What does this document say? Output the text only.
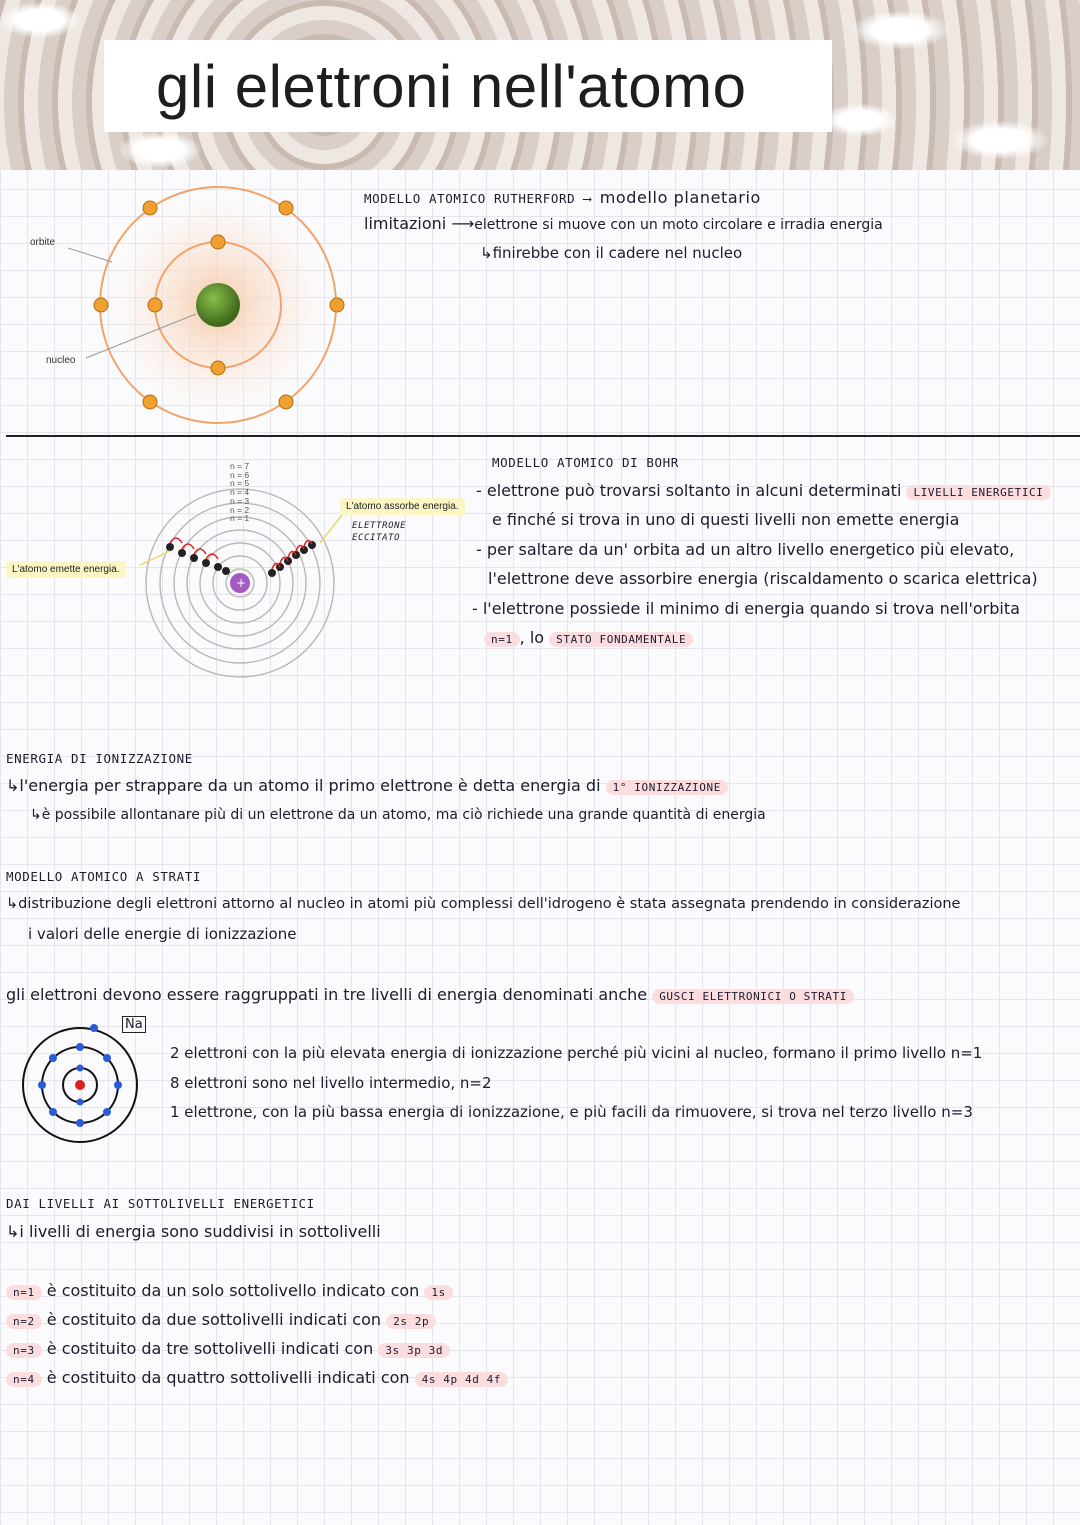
gli elettroni nell'atomo
orbite
nucleo
MODELLO ATOMICO RUTHERFORD ⟶ modello planetario
limitazioni ⟶elettrone si muove con un moto circolare e irradia energia
↳finirebbe con il cadere nel nucleo
+
n = 7
n = 6
n = 5
n = 4
n = 3
n = 2
n = 1
L'atomo assorbe energia.
L'atomo emette energia.
ELETTRONE
ECCITATO
MODELLO ATOMICO DI BOHR
- elettrone può trovarsi soltanto in alcuni determinati LIVELLI ENERGETICI
e finché si trova in uno di questi livelli non emette energia
- per saltare da un' orbita ad un altro livello energetico più elevato,
l'elettrone deve assorbire energia (riscaldamento o scarica elettrica)
- l'elettrone possiede il minimo di energia quando si trova nell'orbita
n=1 , lo STATO FONDAMENTALE
ENERGIA DI IONIZZAZIONE
↳l'energia per strappare da un atomo il primo elettrone è detta energia di 1° IONIZZAZIONE
↳è possibile allontanare più di un elettrone da un atomo, ma ciò richiede una grande quantità di energia
MODELLO ATOMICO A STRATI
↳distribuzione degli elettroni attorno al nucleo in atomi più complessi dell'idrogeno è stata assegnata prendendo in considerazione
i valori delle energie di ionizzazione
gli elettroni devono essere raggruppati in tre livelli di energia denominati anche GUSCI ELETTRONICI O STRATI
Na
2 elettroni con la più elevata energia di ionizzazione perché più vicini al nucleo, formano il primo livello n=1
8 elettroni sono nel livello intermedio, n=2
1 elettrone, con la più bassa energia di ionizzazione, e più facili da rimuovere, si trova nel terzo livello n=3
DAI LIVELLI AI SOTTOLIVELLI ENERGETICI
↳i livelli di energia sono suddivisi in sottolivelli
n=1 è costituito da un solo sottolivello indicato con 1s
n=2 è costituito da due sottolivelli indicati con 2s 2p
n=3 è costituito da tre sottolivelli indicati con 3s 3p 3d
n=4 è costituito da quattro sottolivelli indicati con 4s 4p 4d 4f
